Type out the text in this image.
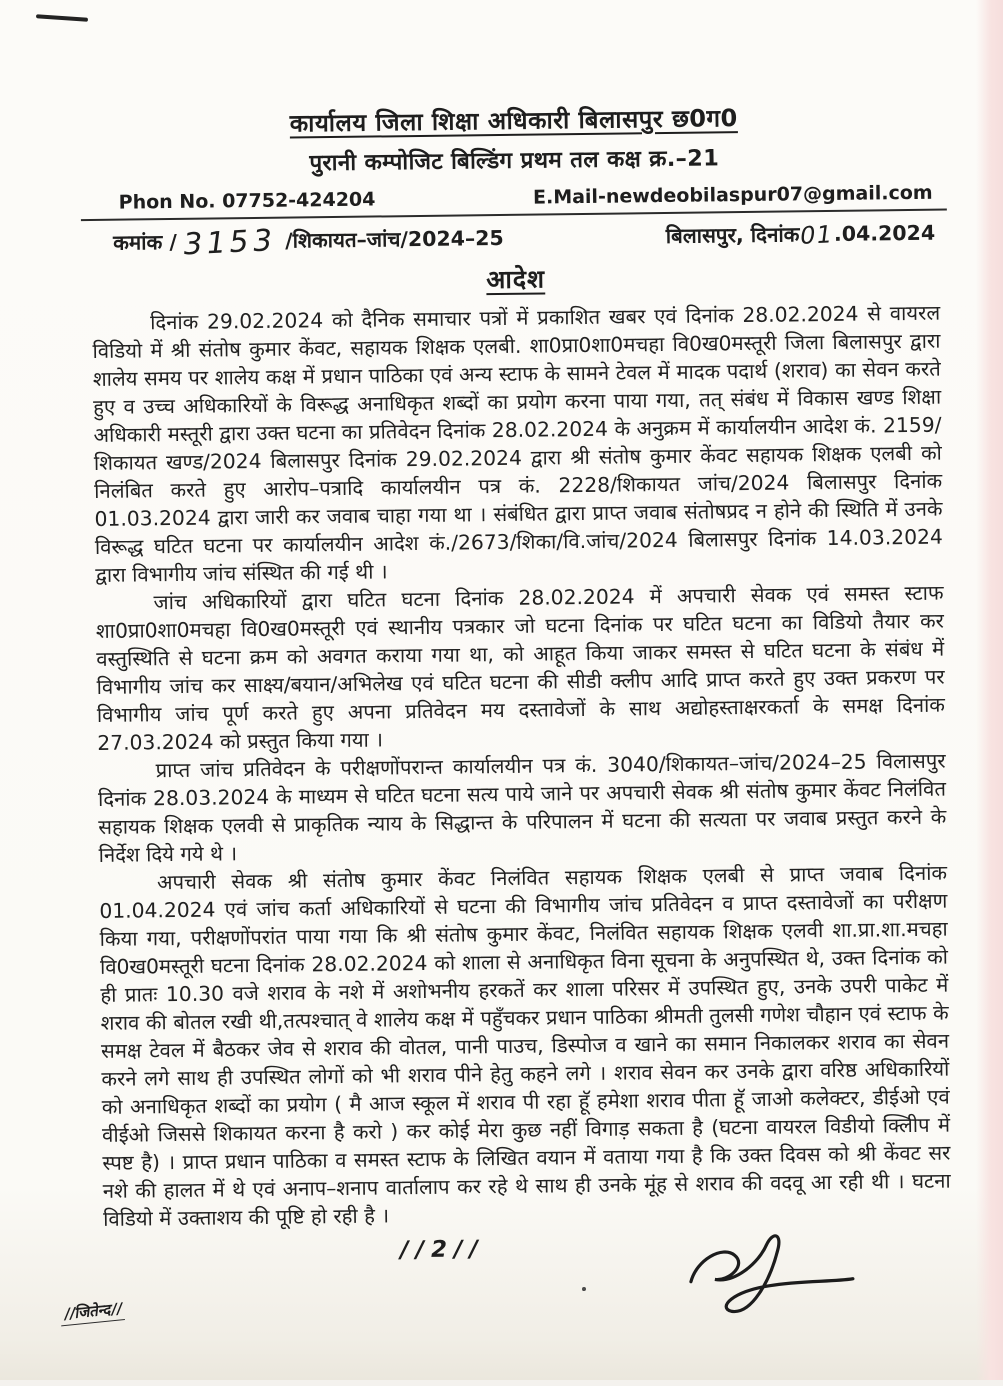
कार्यालय जिला शिक्षा अधिकारी बिलासपुर छ0ग0
पुरानी कम्पोजिट बिल्डिंग प्रथम तल कक्ष क्र.–21
Phon No. 07752-424204	E.Mail-newdeobilaspur07@gmail.com
कमांक / 3153 /शिकायत–जांच/2024–25	बिलासपुर, दिनांक01.04.2024
आदेश

दिनांक 29.02.2024 को दैनिक समाचार पत्रों में प्रकाशित खबर एवं दिनांक 28.02.2024 से वायरल विडियो में श्री संतोष कुमार केंवट, सहायक शिक्षक एलबी. शा0प्रा0शा0मचहा वि0ख0मस्तूरी जिला बिलासपुर द्वारा शालेय समय पर शालेय कक्ष में प्रधान पाठिका एवं अन्य स्टाफ के सामने टेवल में मादक पदार्थ (शराव) का सेवन करते हुए व उच्च अधिकारियों के विरूद्ध अनाधिकृत शब्दों का प्रयोग करना पाया गया, तत् संबंध में विकास खण्ड शिक्षा अधिकारी मस्तूरी द्वारा उक्त घटना का प्रतिवेदन दिनांक 28.02.2024 के अनुक्रम में कार्यालयीन आदेश कं. 2159/शिकायत खण्ड/2024 बिलासपुर दिनांक 29.02.2024 द्वारा श्री संतोष कुमार केंवट सहायक शिक्षक एलबी को निलंबित करते हुए आरोप–पत्रादि कार्यालयीन पत्र कं. 2228/शिकायत जांच/2024 बिलासपुर दिनांक 01.03.2024 द्वारा जारी कर जवाब चाहा गया था । संबंधित द्वारा प्राप्त जवाब संतोषप्रद न होने की स्थिति में उनके विरूद्ध घटित घटना पर कार्यालयीन आदेश कं./2673/शिका/वि.जांच/2024 बिलासपुर दिनांक 14.03.2024 द्वारा विभागीय जांच संस्थित की गई थी ।

जांच अधिकारियों द्वारा घटित घटना दिनांक 28.02.2024 में अपचारी सेवक एवं समस्त स्टाफ शा0प्रा0शा0मचहा वि0ख0मस्तूरी एवं स्थानीय पत्रकार जो घटना दिनांक पर घटित घटना का विडियो तैयार कर वस्तुस्थिति से घटना क्रम को अवगत कराया गया था, को आहूत किया जाकर समस्त से घटित घटना के संबंध में विभागीय जांच कर साक्ष्य/बयान/अभिलेख एवं घटित घटना की सीडी क्लीप आदि प्राप्त करते हुए उक्त प्रकरण पर विभागीय जांच पूर्ण करते हुए अपना प्रतिवेदन मय दस्तावेजों के साथ अद्योहस्ताक्षरकर्ता के समक्ष दिनांक 27.03.2024 को प्रस्तुत किया गया ।

प्राप्त जांच प्रतिवेदन के परीक्षणोंपरान्त कार्यालयीन पत्र कं. 3040/शिकायत–जांच/2024–25 विलासपुर दिनांक 28.03.2024 के माध्यम से घटित घटना सत्य पाये जाने पर अपचारी सेवक श्री संतोष कुमार केंवट निलंवित सहायक शिक्षक एलवी से प्राकृतिक न्याय के सिद्धान्त के परिपालन में घटना की सत्यता पर जवाब प्रस्तुत करने के निर्देश दिये गये थे ।

अपचारी सेवक श्री संतोष कुमार केंवट निलंवित सहायक शिक्षक एलबी से प्राप्त जवाब दिनांक 01.04.2024 एवं जांच कर्ता अधिकारियों से घटना की विभागीय जांच प्रतिवेदन व प्राप्त दस्तावेजों का परीक्षण किया गया, परीक्षणोंपरांत पाया गया कि श्री संतोष कुमार केंवट, निलंवित सहायक शिक्षक एलवी शा.प्रा.शा.मचहा वि0ख0मस्तूरी घटना दिनांक 28.02.2024 को शाला से अनाधिकृत विना सूचना के अनुपस्थित थे, उक्त दिनांक को ही प्रातः 10.30 वजे शराव के नशे में अशोभनीय हरकतें कर शाला परिसर में उपस्थित हुए, उनके उपरी पाकेट में शराव की बोतल रखी थी,तत्पश्चात् वे शालेय कक्ष में पहुँचकर प्रधान पाठिका श्रीमती तुलसी गणेश चौहान एवं स्टाफ के समक्ष टेवल में बैठकर जेव से शराव की वोतल, पानी पाउच, डिस्पोज व खाने का समान निकालकर शराव का सेवन करने लगे साथ ही उपस्थित लोगों को भी शराव पीने हेतु कहने लगे । शराव सेवन कर उनके द्वारा वरिष्ठ अधिकारियों को अनाधिकृत शब्दों का प्रयोग ( मै आज स्कूल में शराव पी रहा हूॅ हमेशा शराव पीता हूॅ जाओ कलेक्टर, डीईओ एवं वीईओ जिससे शिकायत करना है करो ) कर कोई मेरा कुछ नहीं विगाड़ सकता है (घटना वायरल विडीयो क्लिीप में स्पष्ट है) । प्राप्त प्रधान पाठिका व समस्त स्टाफ के लिखित वयान में वताया गया है कि उक्त दिवस को श्री केंवट सर नशे की हालत में थे एवं अनाप–शनाप वार्तालाप कर रहे थे साथ ही उनके मूंह से शराव की वदवू आ रही थी । घटना विडियो में उक्ताशय की पूष्टि हो रही है ।

//2//
//जितेन्द//
